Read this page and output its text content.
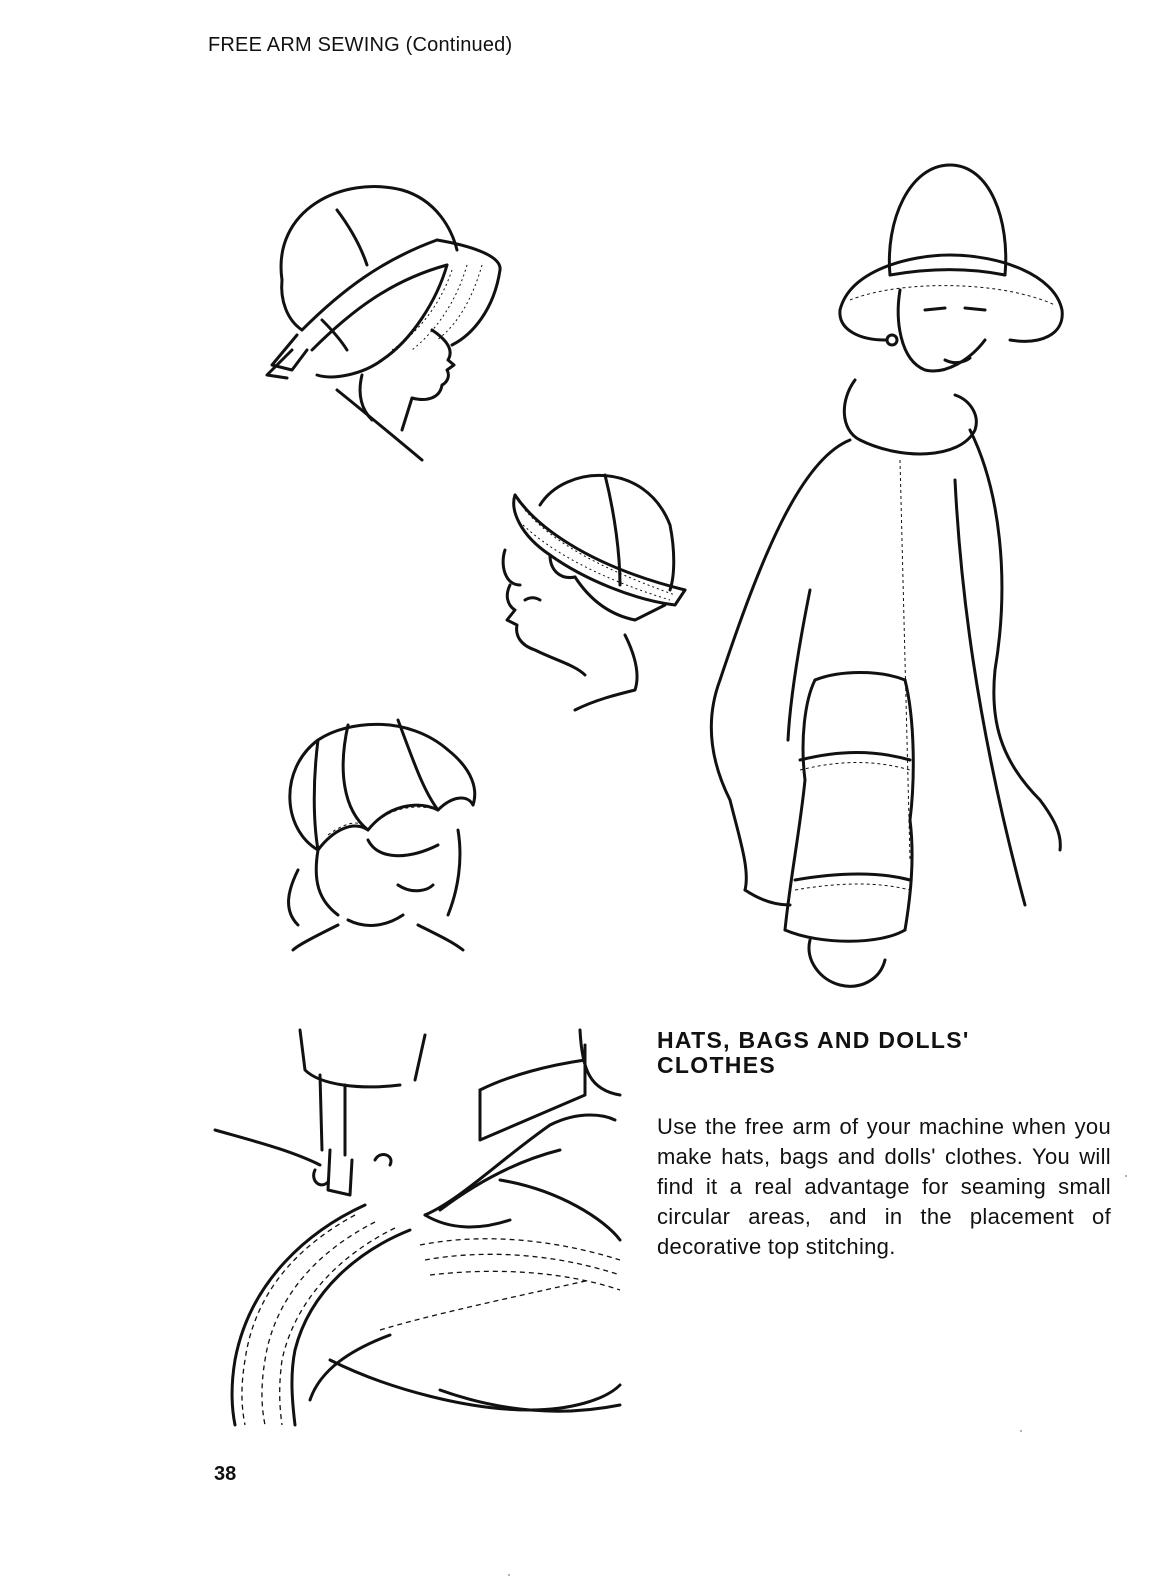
FREE ARM SEWING (Continued)
HATS, BAGS AND DOLLS' CLOTHES
Use the free arm of your machine when you make hats, bags and dolls' clothes. You will find it a real advantage for seaming small circular areas, and in the placement of decorative top stitching.
38
